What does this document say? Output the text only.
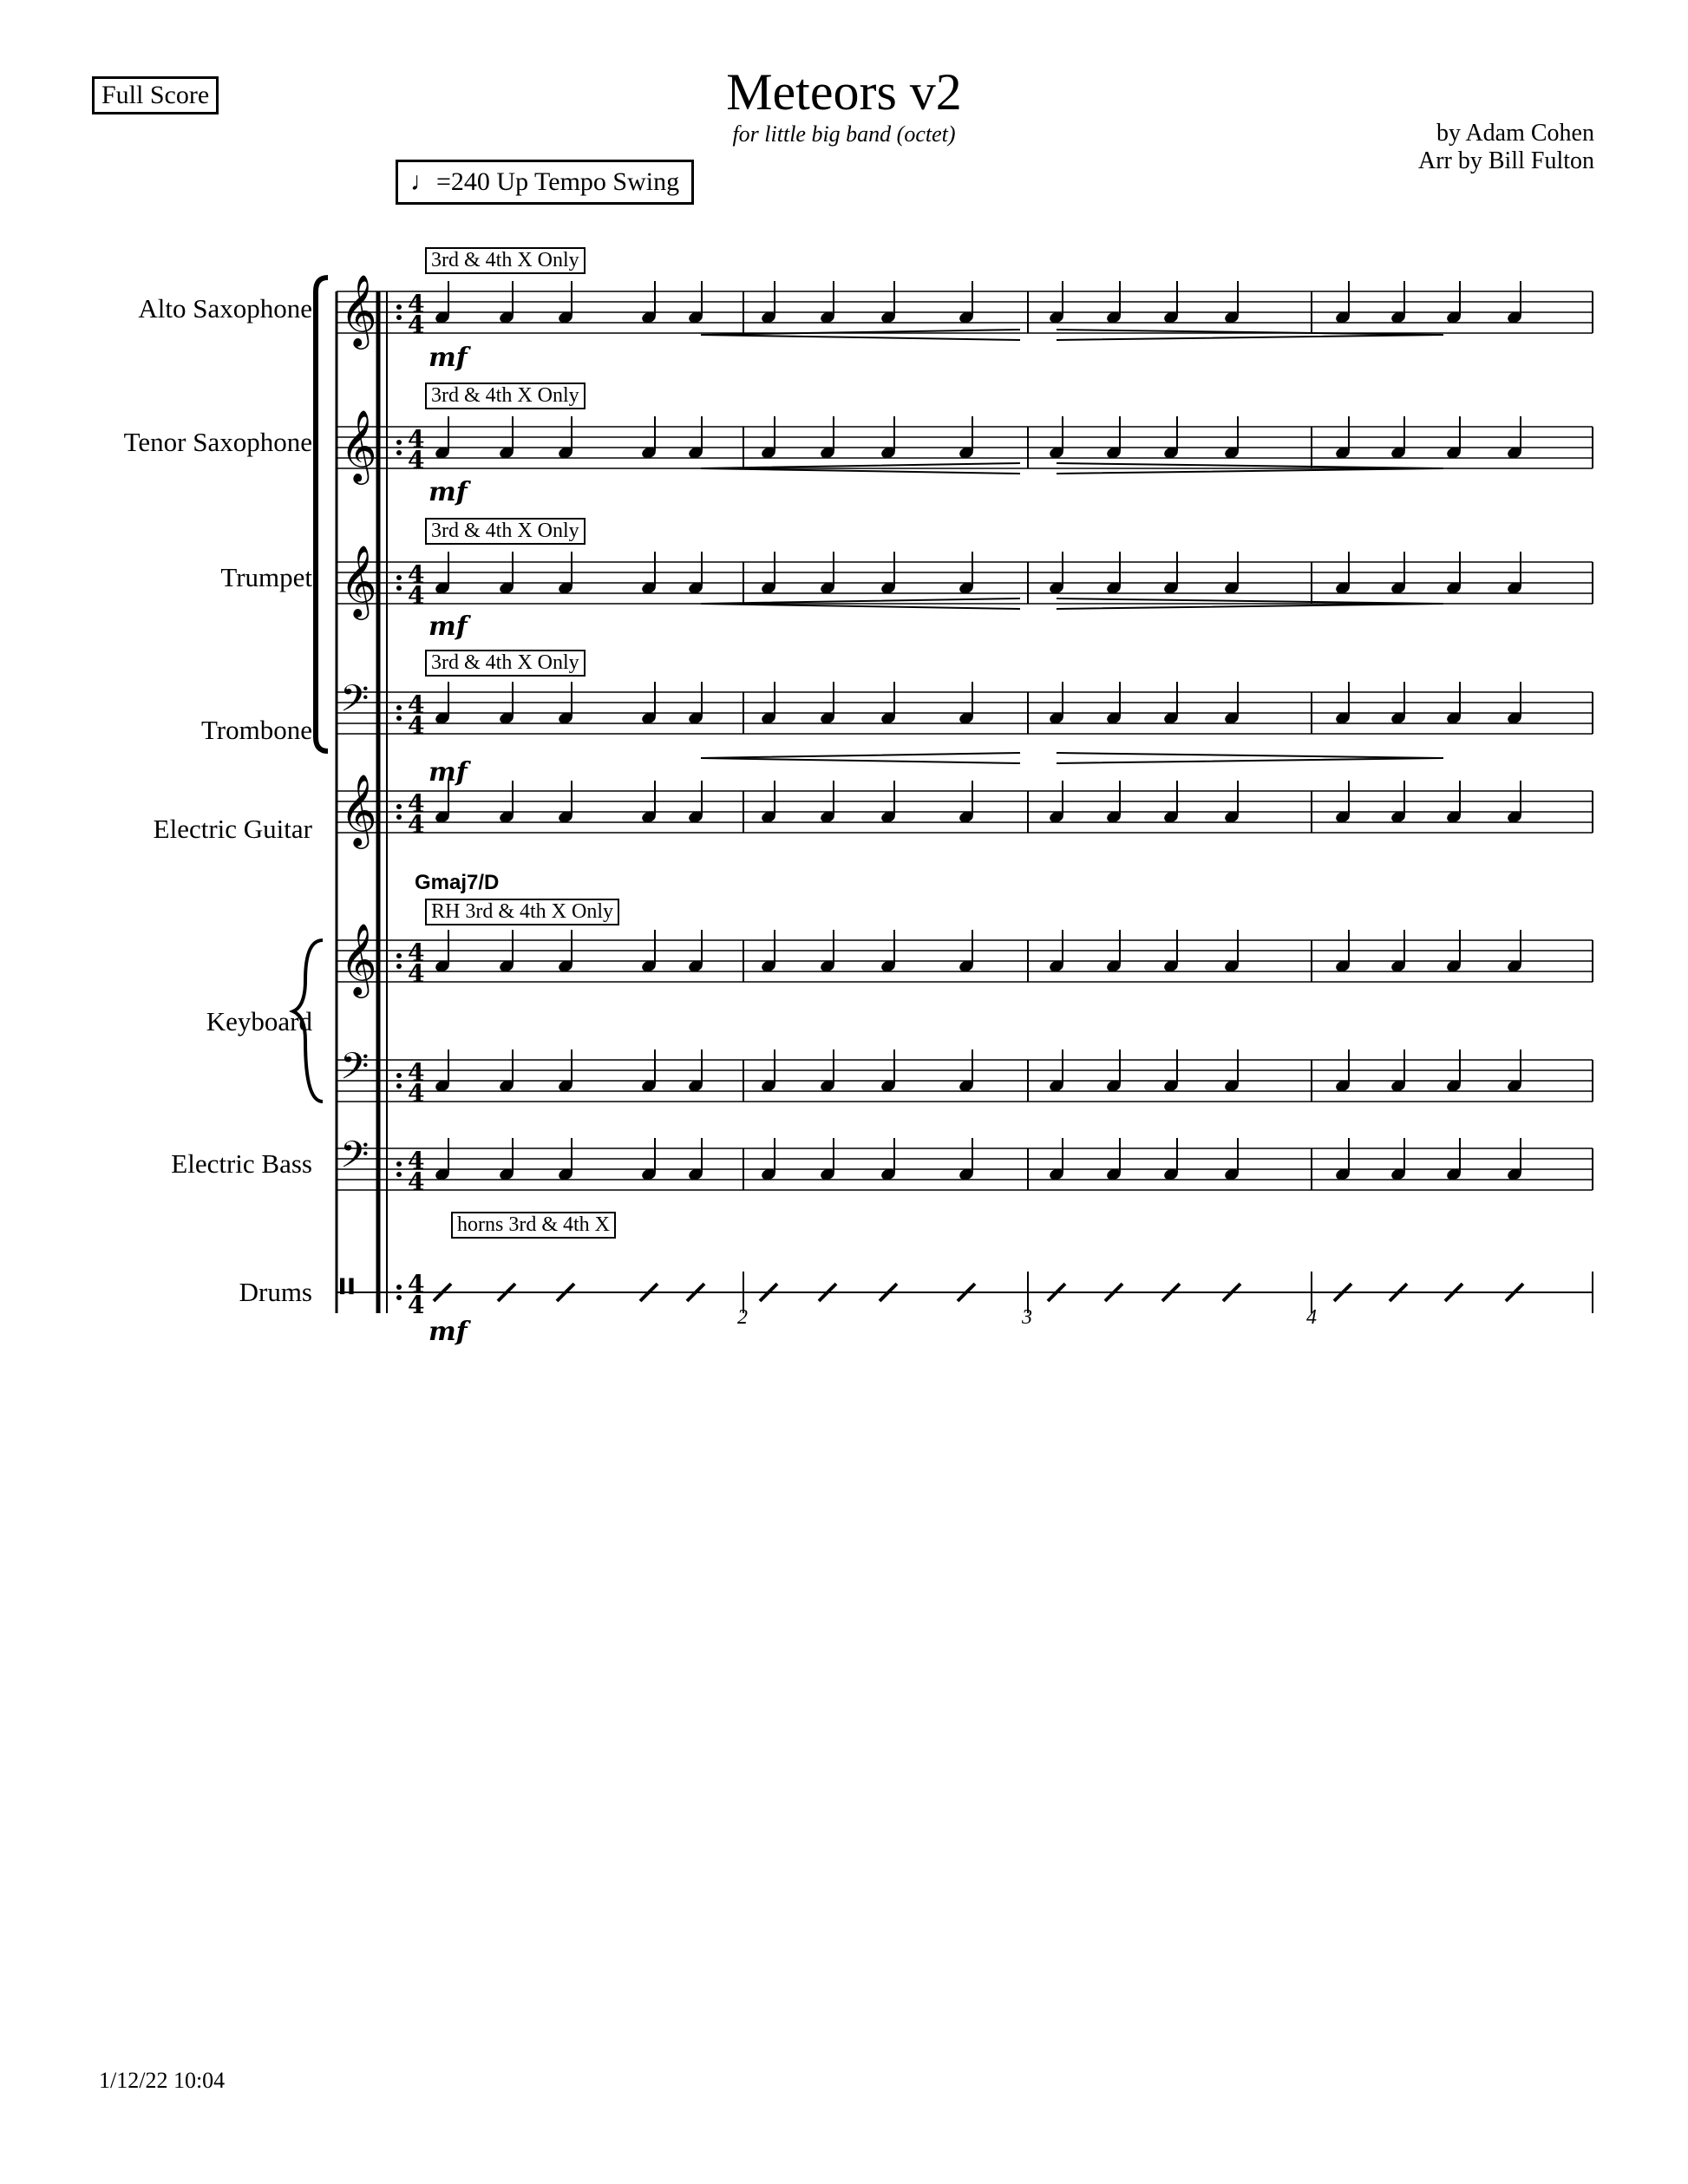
Full Score	Meteors v2
for little big band (octet)	by Adam Cohen
Arr by Bill Fulton
♩=240 Up Tempo Swing
Alto Saxophone
Tenor Saxophone
Trumpet
Trombone
Electric Guitar
Keyboard
Electric Bass
Drums
3rd & 4th X Only
3rd & 4th X Only
3rd & 4th X Only
3rd & 4th X Only
RH 3rd & 4th X Only
horns 3rd & 4th X
mf
mf
mf
mf
mf
Gmaj7/D
2	3	4
1/12/22 10:04
𝄞 4
4
𝄞 4
4
𝄞 4
4
𝄢 4
4
𝄞 4
4
𝄞 4
4
𝄢 4
4
𝄢 4
4
𝄥 4
4
